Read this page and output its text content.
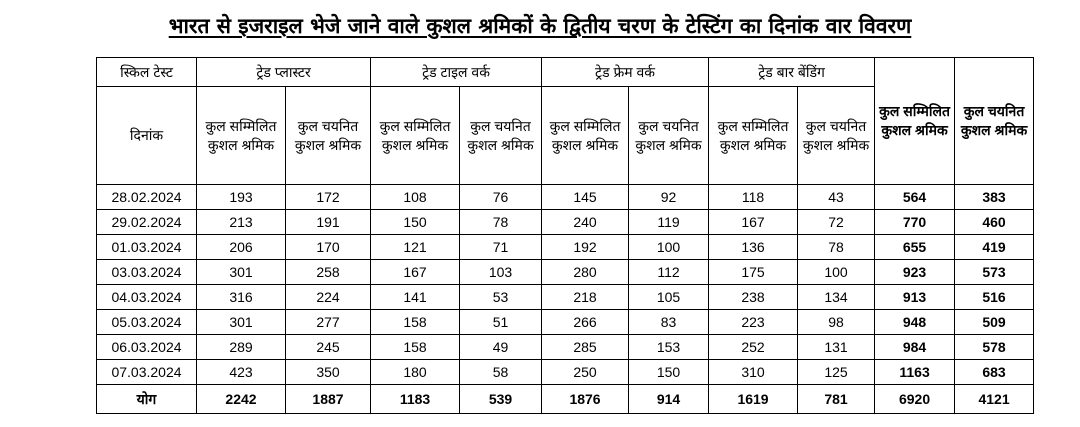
भारत से इजराइल भेजे जाने वाले कुशल श्रमिकों के द्वितीय चरण के टेस्टिंग का दिनांक वार विवरण
स्किल टेस्ट	ट्रेड प्लास्टर		ट्रेड टाइल वर्क		ट्रेड फ्रेम वर्क		ट्रेड बार बेंडिंग		कुल सम्मिलित कुशल श्रमिक	कुल चयनित कुशल श्रमिक
दिनांक	कुल सम्मिलित कुशल श्रमिक	कुल चयनित कुशल श्रमिक	कुल सम्मिलित कुशल श्रमिक	कुल चयनित कुशल श्रमिक	कुल सम्मिलित कुशल श्रमिक	कुल चयनित कुशल श्रमिक	कुल सम्मिलित कुशल श्रमिक	कुल चयनित कुशल श्रमिक		
28.02.2024	193	172	108	76	145	92	118	43	564	383
29.02.2024	213	191	150	78	240	119	167	72	770	460
01.03.2024	206	170	121	71	192	100	136	78	655	419
03.03.2024	301	258	167	103	280	112	175	100	923	573
04.03.2024	316	224	141	53	218	105	238	134	913	516
05.03.2024	301	277	158	51	266	83	223	98	948	509
06.03.2024	289	245	158	49	285	153	252	131	984	578
07.03.2024	423	350	180	58	250	150	310	125	1163	683
योग	2242	1887	1183	539	1876	914	1619	781	6920	4121
